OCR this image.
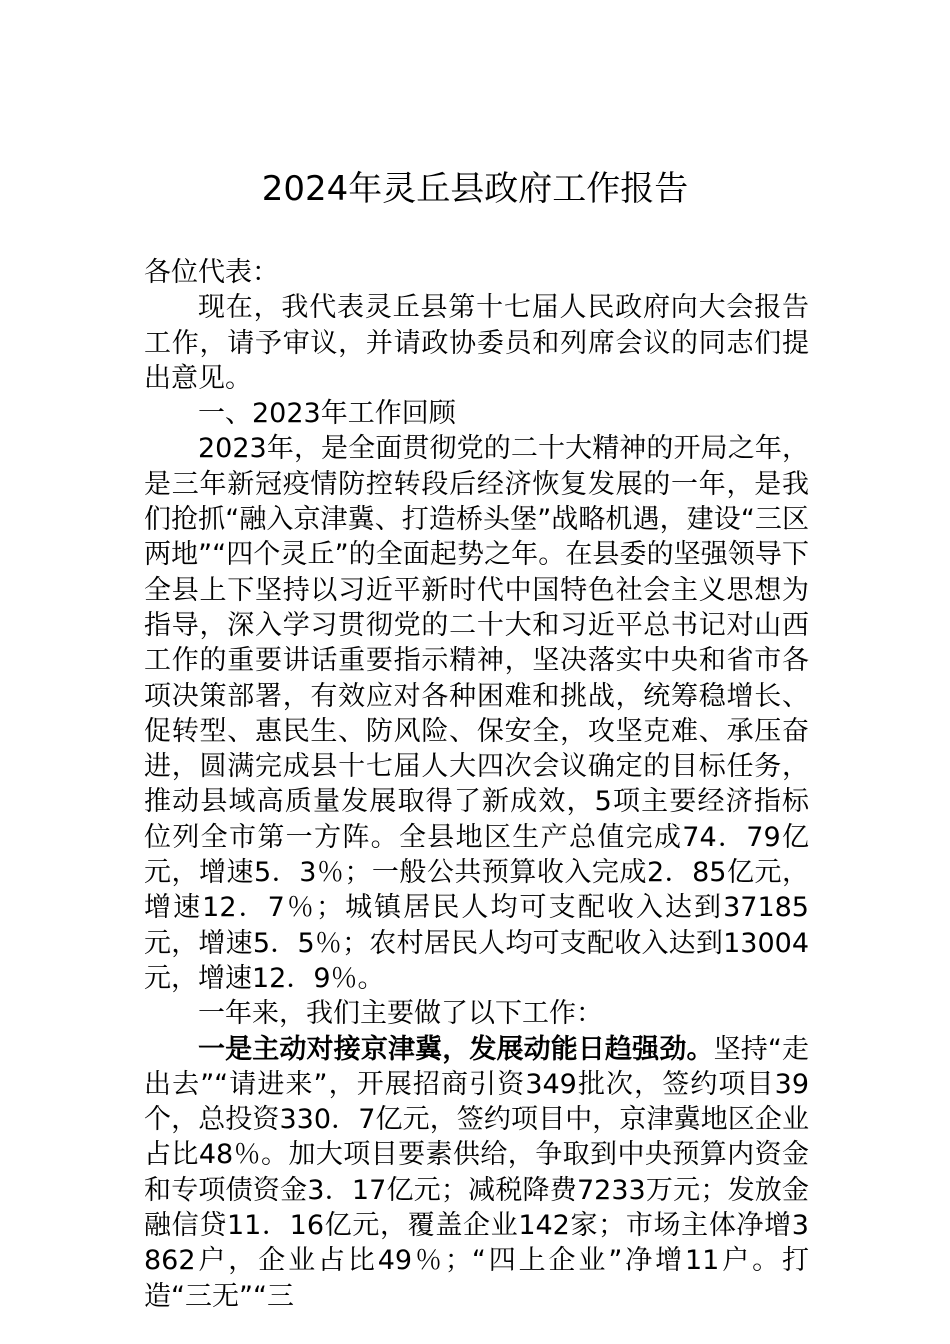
2024年灵丘县政府工作报告

各位代表：

现在，我代表灵丘县第十七届人民政府向大会报告工作，请予审议，并请政协委员和列席会议的同志们提出意见。

一、2023年工作回顾

2023年，是全面贯彻党的二十大精神的开局之年，是三年新冠疫情防控转段后经济恢复发展的一年，是我们抢抓“融入京津冀、打造桥头堡”战略机遇，建设“三区两地”“四个灵丘”的全面起势之年。在县委的坚强领导下全县上下坚持以习近平新时代中国特色社会主义思想为指导，深入学习贯彻党的二十大和习近平总书记对山西工作的重要讲话重要指示精神，坚决落实中央和省市各项决策部署，有效应对各种困难和挑战，统筹稳增长、促转型、惠民生、防风险、保安全，攻坚克难、承压奋进，圆满完成县十七届人大四次会议确定的目标任务，推动县域高质量发展取得了新成效，5项主要经济指标位列全市第一方阵。全县地区生产总值完成74．79亿元，增速5．3％；一般公共预算收入完成2．85亿元，增速12．7％；城镇居民人均可支配收入达到37185元，增速5．5％；农村居民人均可支配收入达到13004元，增速12．9％。

一年来，我们主要做了以下工作：

一是主动对接京津冀，发展动能日趋强劲。坚持“走出去”“请进来”，开展招商引资349批次，签约项目39个，总投资330．7亿元，签约项目中，京津冀地区企业占比48％。加大项目要素供给，争取到中央预算内资金和专项债资金3．17亿元；减税降费7233万元；发放金融信贷11．16亿元，覆盖企业142家；市场主体净增3862户，企业占比49％；“四上企业”净增11户。打造“三无”“三
